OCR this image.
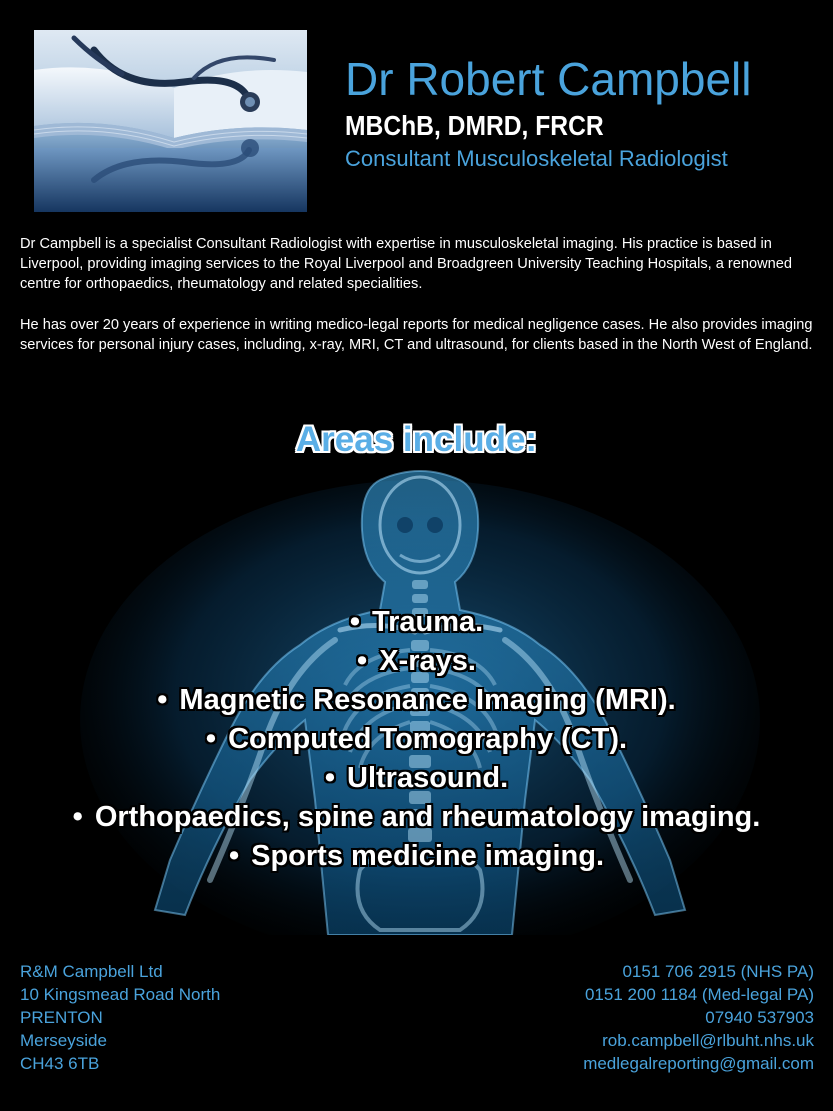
Dr Robert Campbell
MBChB, DMRD, FRCR
Consultant Musculoskeletal Radiologist

Dr Campbell is a specialist Consultant Radiologist with expertise in musculoskeletal imaging. His practice is based in Liverpool, providing imaging services to the Royal Liverpool and Broadgreen University Teaching Hospitals, a renowned centre for orthopaedics, rheumatology and related specialities.

He has over 20 years of experience in writing medico-legal reports for medical negligence cases. He also provides imaging services for personal injury cases, including, x-ray, MRI, CT and ultrasound, for clients based in the North West of England.

Areas include:
• Trauma.
• X-rays.
• Magnetic Resonance Imaging (MRI).
• Computed Tomography (CT).
• Ultrasound.
• Orthopaedics, spine and rheumatology imaging.
• Sports medicine imaging.
R&M Campbell Ltd
10 Kingsmead Road North
PRENTON
Merseyside
CH43 6TB
0151 706 2915 (NHS PA)
0151 200 1184 (Med-legal PA)
07940 537903
rob.campbell@rlbuht.nhs.uk
medlegalreporting@gmail.com
